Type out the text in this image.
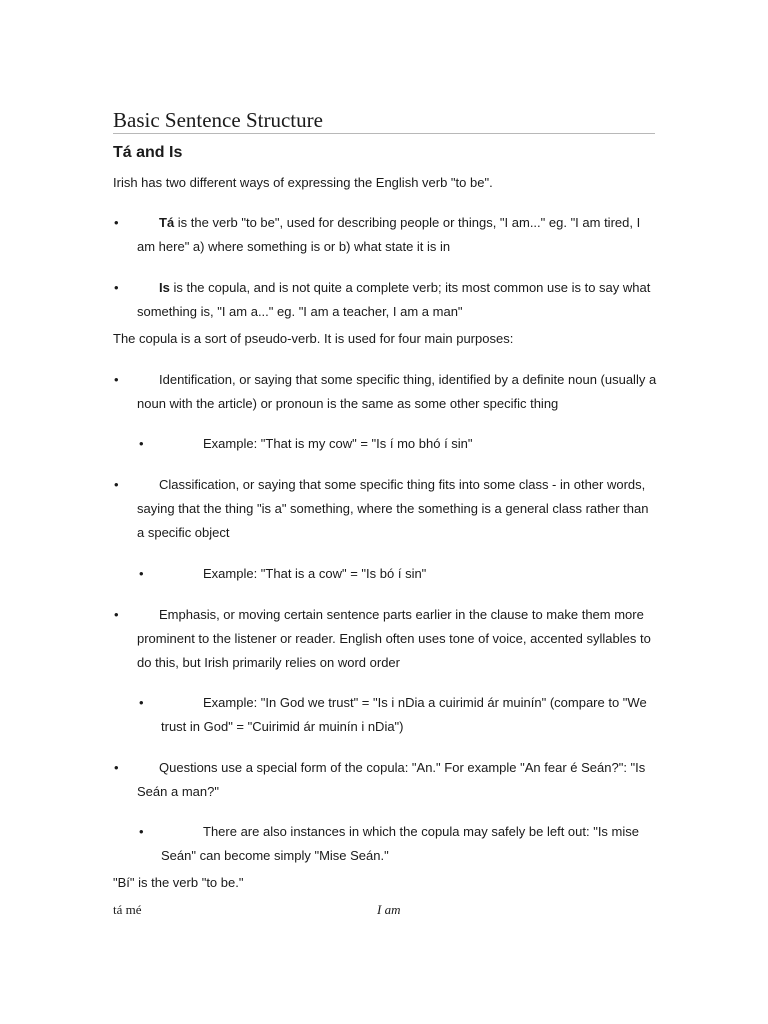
Basic Sentence Structure
Tá and Is
Irish has two different ways of expressing the English verb "to be".
•	Tá is the verb "to be", used for describing people or things, "I am..." eg. "I am tired, I am here" a) where something is or b) what state it is in
•	Is is the copula, and is not quite a complete verb; its most common use is to say what something is, "I am a..." eg. "I am a teacher, I am a man"
The copula is a sort of pseudo-verb. It is used for four main purposes:
•	Identification, or saying that some specific thing, identified by a definite noun (usually a noun with the article) or pronoun is the same as some other specific thing
•	Example: "That is my cow" = "Is í mo bhó í sin"
•	Classification, or saying that some specific thing fits into some class - in other words, saying that the thing "is a" something, where the something is a general class rather than a specific object
•	Example: "That is a cow" = "Is bó í sin"
•	Emphasis, or moving certain sentence parts earlier in the clause to make them more prominent to the listener or reader. English often uses tone of voice, accented syllables to do this, but Irish primarily relies on word order
•	Example: "In God we trust" = "Is i nDia a cuirimid ár muinín" (compare to "We trust in God" = "Cuirimid ár muinín i nDia")
•	Questions use a special form of the copula: "An." For example "An fear é Seán?": "Is Seán a man?"
•	There are also instances in which the copula may safely be left out: "Is mise Seán" can become simply "Mise Seán."
"Bí" is the verb "to be."
tá mé	I am
